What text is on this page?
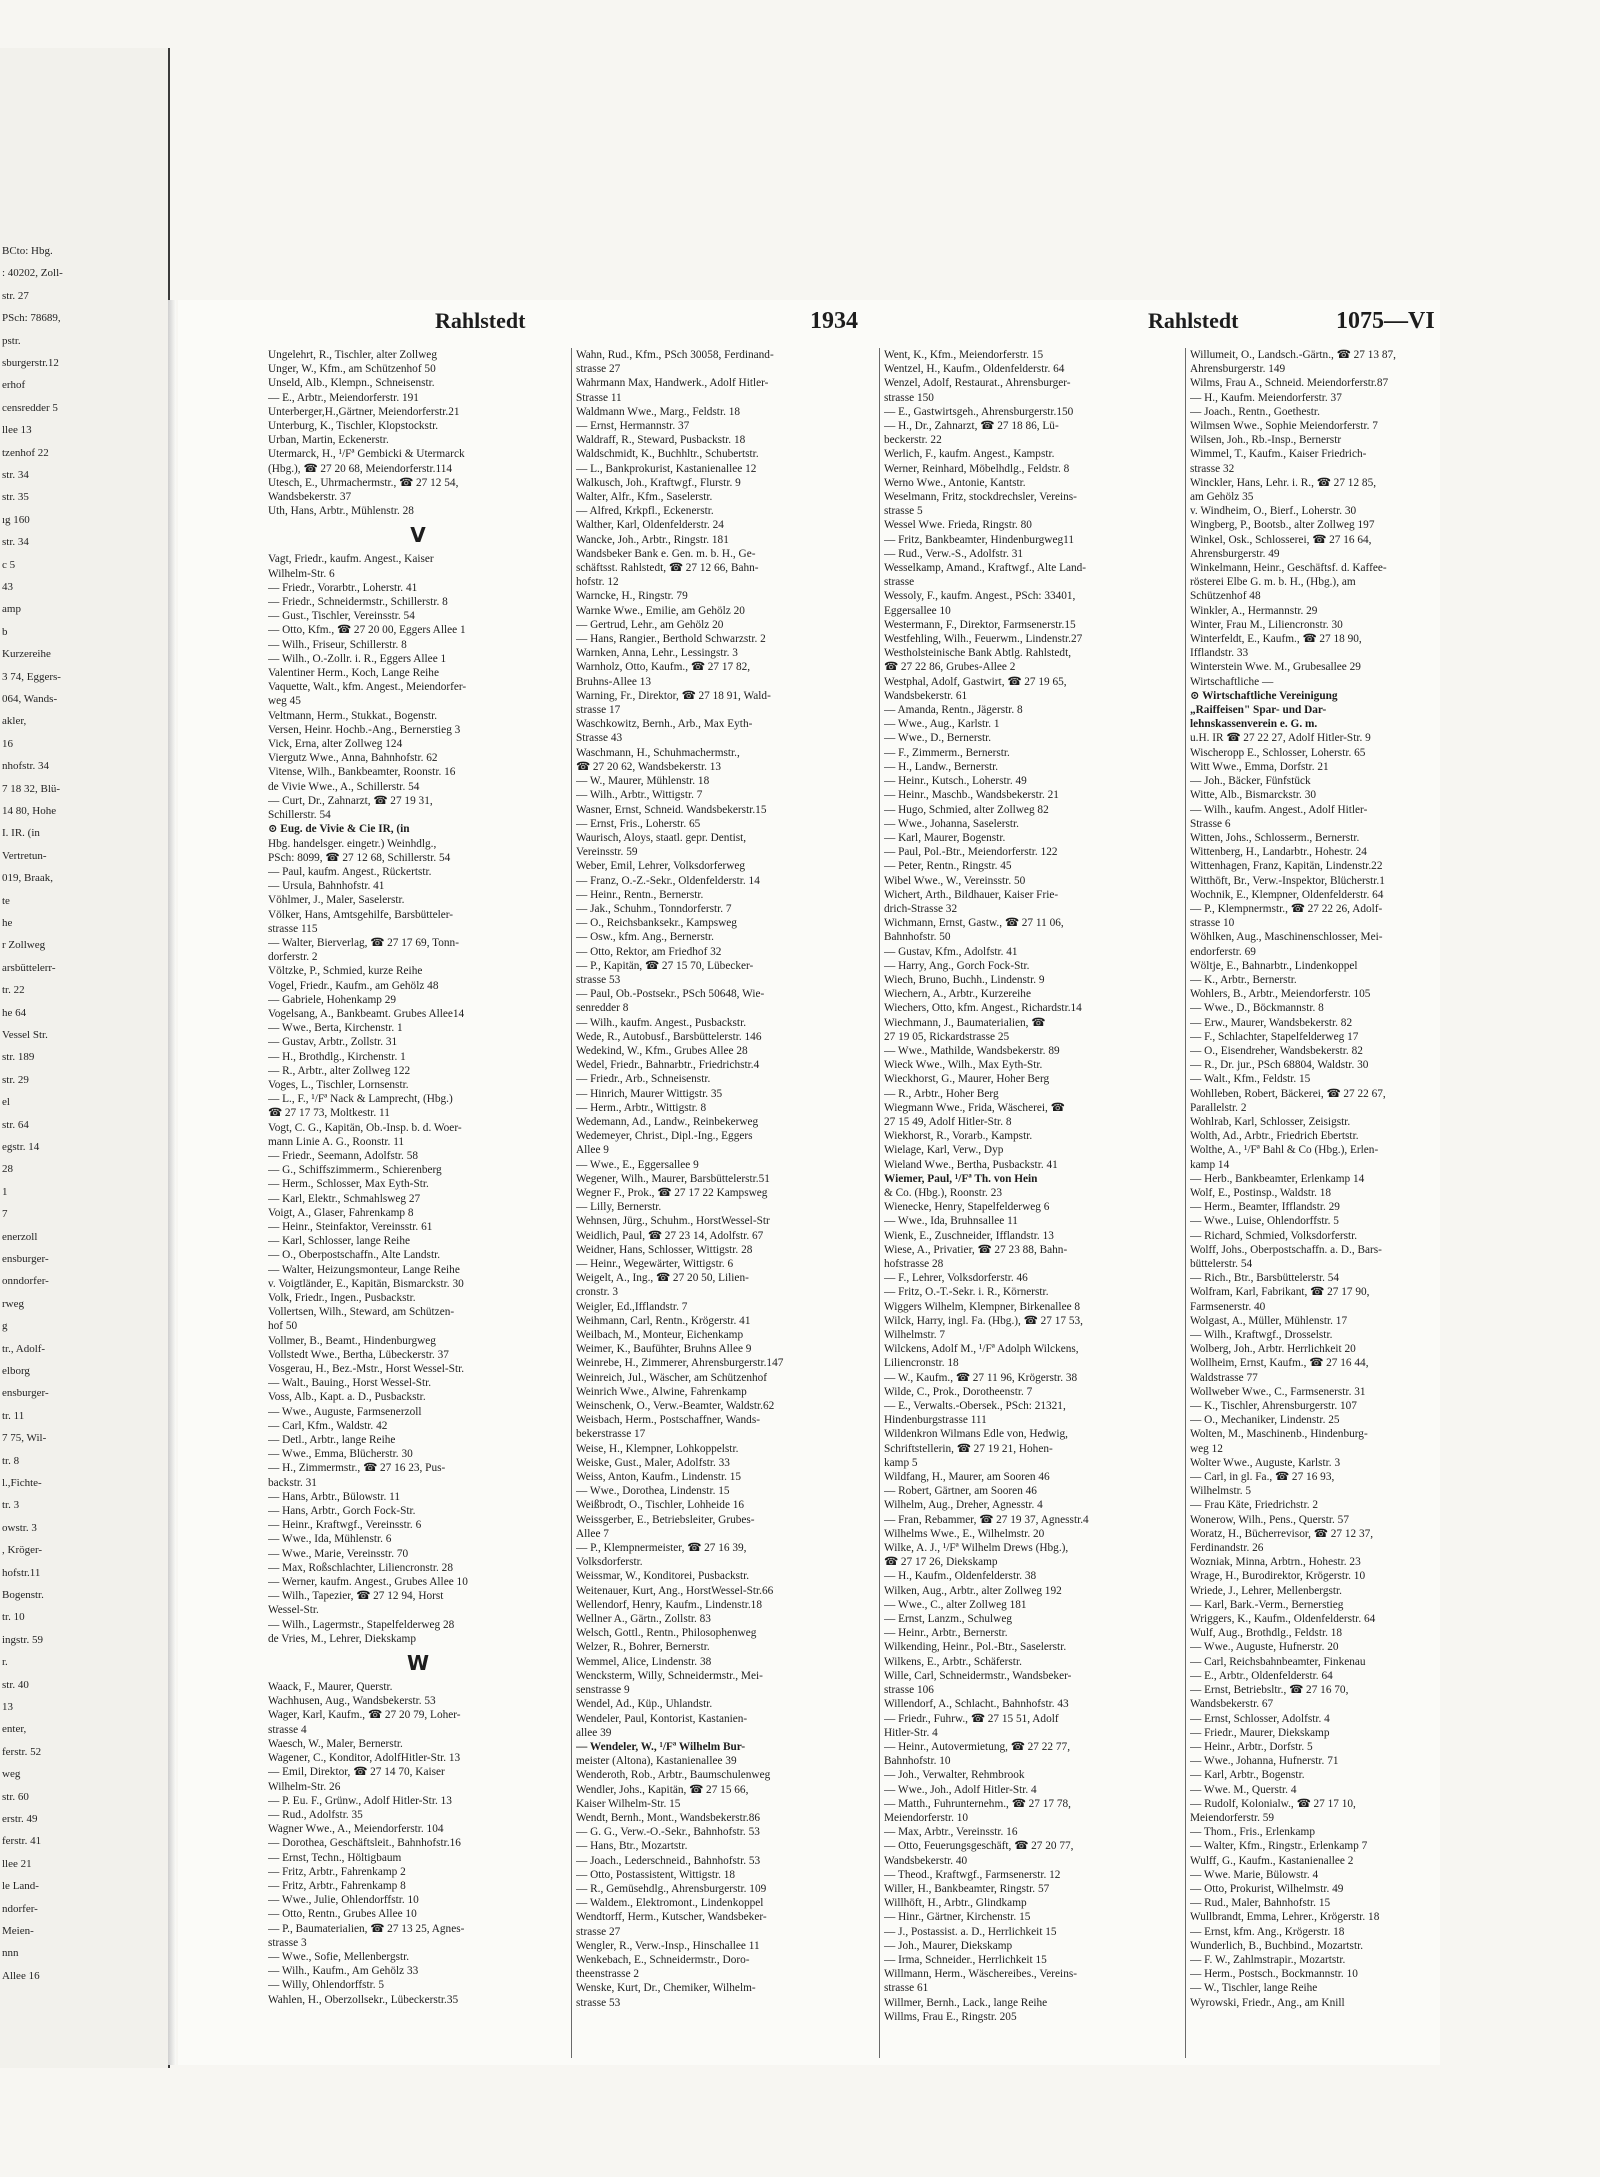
BCto: Hbg.
: 40202, Zoll-
str. 27
PSch: 78689,
pstr.
sburgerstr.12
erhof
censredder 5
llee 13
tzenhof 22
str. 34
str. 35
ıg 160
str. 34
c 5
43
amp
b
Kurzereihe
3 74, Eggers-
064, Wands-
akler,
16
nhofstr. 34
7 18 32, Blü-
14 80, Hohe
I. IR. (in
Vertretun-
019, Braak,
te
he
r Zollweg
arsbüttelerr-
tr. 22
he 64
Vessel Str.
str. 189
str. 29
el
str. 64
egstr. 14
28
1
7
enerzoll
ensburger-
onndorfer-
rweg
g
tr., Adolf-
elborg
ensburger-
tr. 11
7 75, Wil-
tr. 8
l.,Fichte-
tr. 3
owstr. 3
, Kröger-
hofstr.11
Bogenstr.
tr. 10
ingstr. 59
r.
str. 40
13
enter,
ferstr. 52
weg
str. 60
erstr. 49
ferstr. 41
llee 21
le Land-
ndorfer-
Meien-
nnn
Allee 16
Rahlstedt	1934	Rahlstedt	1075—VI
Ungelehrt, R., Tischler, alter Zollweg
Unger, W., Kfm., am Schützenhof 50
Unseld, Alb., Klempn., Schneisenstr.
— E., Arbtr., Meiendorferstr. 191
Unterberger,H.,Gärtner, Meiendorferstr.21
Unterburg, K., Tischler, Klopstockstr.
Urban, Martin, Eckenerstr.
Utermarck, H., ¹/Fª Gembicki & Utermarck
(Hbg.), ☎ 27 20 68, Meiendorferstr.114
Utesch, E., Uhrmachermstr., ☎ 27 12 54,
Wandsbekerstr. 37
Uth, Hans, Arbtr., Mühlenstr. 28
V
Vagt, Friedr., kaufm. Angest., Kaiser
Wilhelm-Str. 6
— Friedr., Vorarbtr., Loherstr. 41
— Friedr., Schneidermstr., Schillerstr. 8
— Gust., Tischler, Vereinsstr. 54
— Otto, Kfm., ☎ 27 20 00, Eggers Allee 1
— Wilh., Friseur, Schillerstr. 8
— Wilh., O.-Zollr. i. R., Eggers Allee 1
Valentiner Herm., Koch, Lange Reihe
Vaquette, Walt., kfm. Angest., Meiendorfer-
weg 45
Veltmann, Herm., Stukkat., Bogenstr.
Versen, Heinr. Hochb.-Ang., Bernerstieg 3
Vick, Erna, alter Zollweg 124
Viergutz Wwe., Anna, Bahnhofstr. 62
Vitense, Wilh., Bankbeamter, Roonstr. 16
de Vivie Wwe., A., Schillerstr. 54
— Curt, Dr., Zahnarzt, ☎ 27 19 31,
Schillerstr. 54
⊙ Eug. de Vivie & Cie IR, (in
Hbg. handelsger. eingetr.) Weinhdlg.,
PSch: 8099, ☎ 27 12 68, Schillerstr. 54
— Paul, kaufm. Angest., Rückertstr.
— Ursula, Bahnhofstr. 41
Vöhlmer, J., Maler, Saselerstr.
Völker, Hans, Amtsgehilfe, Barsbütteler-
strasse 115
— Walter, Bierverlag, ☎ 27 17 69, Tonn-
dorferstr. 2
Völtzke, P., Schmied, kurze Reihe
Vogel, Friedr., Kaufm., am Gehölz 48
— Gabriele, Hohenkamp 29
Vogelsang, A., Bankbeamt. Grubes Allee14
— Wwe., Berta, Kirchenstr. 1
— Gustav, Arbtr., Zollstr. 31
— H., Brothdlg., Kirchenstr. 1
— R., Arbtr., alter Zollweg 122
Voges, L., Tischler, Lornsenstr.
— L., F., ¹/Fª Nack & Lamprecht, (Hbg.)
☎ 27 17 73, Moltkestr. 11
Vogt, C. G., Kapitän, Ob.-Insp. b. d. Woer-
mann Linie A. G., Roonstr. 11
— Friedr., Seemann, Adolfstr. 58
— G., Schiffszimmerm., Schierenberg
— Herm., Schlosser, Max Eyth-Str.
— Karl, Elektr., Schmahlsweg 27
Voigt, A., Glaser, Fahrenkamp 8
— Heinr., Steinfaktor, Vereinsstr. 61
— Karl, Schlosser, lange Reihe
— O., Oberpostschaffn., Alte Landstr.
— Walter, Heizungsmonteur, Lange Reihe
v. Voigtländer, E., Kapitän, Bismarckstr. 30
Volk, Friedr., Ingen., Pusbackstr.
Vollertsen, Wilh., Steward, am Schützen-
hof 50
Vollmer, B., Beamt., Hindenburgweg
Vollstedt Wwe., Bertha, Lübeckerstr. 37
Vosgerau, H., Bez.-Mstr., Horst Wessel-Str.
— Walt., Bauing., Horst Wessel-Str.
Voss, Alb., Kapt. a. D., Pusbackstr.
— Wwe., Auguste, Farmsenerzoll
— Carl, Kfm., Waldstr. 42
— Detl., Arbtr., lange Reihe
— Wwe., Emma, Blücherstr. 30
— H., Zimmermstr., ☎ 27 16 23, Pus-
backstr. 31
— Hans, Arbtr., Bülowstr. 11
— Hans, Arbtr., Gorch Fock-Str.
— Heinr., Kraftwgf., Vereinsstr. 6
— Wwe., Ida, Mühlenstr. 6
— Wwe., Marie, Vereinsstr. 70
— Max, Roßschlachter, Liliencronstr. 28
— Werner, kaufm. Angest., Grubes Allee 10
— Wilh., Tapezier, ☎ 27 12 94, Horst
Wessel-Str.
— Wilh., Lagermstr., Stapelfelderweg 28
de Vries, M., Lehrer, Diekskamp
W
Waack, F., Maurer, Querstr.
Wachhusen, Aug., Wandsbekerstr. 53
Wager, Karl, Kaufm., ☎ 27 20 79, Loher-
strasse 4
Waesch, W., Maler, Bernerstr.
Wagener, C., Konditor, AdolfHitler-Str. 13
— Emil, Direktor, ☎ 27 14 70, Kaiser
Wilhelm-Str. 26
— P. Eu. F., Grünw., Adolf Hitler-Str. 13
— Rud., Adolfstr. 35
Wagner Wwe., A., Meiendorferstr. 104
— Dorothea, Geschäftsleit., Bahnhofstr.16
— Ernst, Techn., Höltigbaum
— Fritz, Arbtr., Fahrenkamp 2
— Fritz, Arbtr., Fahrenkamp 8
— Wwe., Julie, Ohlendorffstr. 10
— Otto, Rentn., Grubes Allee 10
— P., Baumaterialien, ☎ 27 13 25, Agnes-
strasse 3
— Wwe., Sofie, Mellenbergstr.
— Wilh., Kaufm., Am Gehölz 33
— Willy, Ohlendorffstr. 5
Wahlen, H., Oberzollsekr., Lübeckerstr.35
Wahn, Rud., Kfm., PSch 30058, Ferdinand-
strasse 27
Wahrmann Max, Handwerk., Adolf Hitler-
Strasse 11
Waldmann Wwe., Marg., Feldstr. 18
— Ernst, Hermannstr. 37
Waldraff, R., Steward, Pusbackstr. 18
Waldschmidt, K., Buchhltr., Schubertstr.
— L., Bankprokurist, Kastanienallee 12
Walkusch, Joh., Kraftwgf., Flurstr. 9
Walter, Alfr., Kfm., Saselerstr.
— Alfred, Krkpfl., Eckenerstr.
Walther, Karl, Oldenfelderstr. 24
Wancke, Joh., Arbtr., Ringstr. 181
Wandsbeker Bank e. Gen. m. b. H., Ge-
schäftsst. Rahlstedt, ☎ 27 12 66, Bahn-
hofstr. 12
Warncke, H., Ringstr. 79
Warnke Wwe., Emilie, am Gehölz 20
— Gertrud, Lehr., am Gehölz 20
— Hans, Rangier., Berthold Schwarzstr. 2
Warnken, Anna, Lehr., Lessingstr. 3
Warnholz, Otto, Kaufm., ☎ 27 17 82,
Bruhns-Allee 13
Warning, Fr., Direktor, ☎ 27 18 91, Wald-
strasse 17
Waschkowitz, Bernh., Arb., Max Eyth-
Strasse 43
Waschmann, H., Schuhmachermstr.,
☎ 27 20 62, Wandsbekerstr. 13
— W., Maurer, Mühlenstr. 18
— Wilh., Arbtr., Wittigstr. 7
Wasner, Ernst, Schneid. Wandsbekerstr.15
— Ernst, Fris., Loherstr. 65
Waurisch, Aloys, staatl. gepr. Dentist,
Vereinsstr. 59
Weber, Emil, Lehrer, Volksdorferweg
— Franz, O.-Z.-Sekr., Oldenfelderstr. 14
— Heinr., Rentn., Bernerstr.
— Jak., Schuhm., Tonndorferstr. 7
— O., Reichsbanksekr., Kampsweg
— Osw., kfm. Ang., Bernerstr.
— Otto, Rektor, am Friedhof 32
— P., Kapitän, ☎ 27 15 70, Lübecker-
strasse 53
— Paul, Ob.-Postsekr., PSch 50648, Wie-
senredder 8
— Wilh., kaufm. Angest., Pusbackstr.
Wede, R., Autobusf., Barsbüttelerstr. 146
Wedekind, W., Kfm., Grubes Allee 28
Wedel, Friedr., Bahnarbtr., Friedrichstr.4
— Friedr., Arb., Schneisenstr.
— Hinrich, Maurer Wittigstr. 35
— Herm., Arbtr., Wittigstr. 8
Wedemann, Ad., Landw., Reinbekerweg
Wedemeyer, Christ., Dipl.-Ing., Eggers
Allee 9
— Wwe., E., Eggersallee 9
Wegener, Wilh., Maurer, Barsbüttelerstr.51
Wegner F., Prok., ☎ 27 17 22 Kampsweg
— Lilly, Bernerstr.
Wehnsen, Jürg., Schuhm., HorstWessel-Str
Weidlich, Paul, ☎ 27 23 14, Adolfstr. 67
Weidner, Hans, Schlosser, Wittigstr. 28
— Heinr., Wegewärter, Wittigstr. 6
Weigelt, A., Ing., ☎ 27 20 50, Lilien-
cronstr. 3
Weigler, Ed.,Ifflandstr. 7
Weihmann, Carl, Rentn., Krögerstr. 41
Weilbach, M., Monteur, Eichenkamp
Weimer, K., Baufühter, Bruhns Allee 9
Weinrebe, H., Zimmerer, Ahrensburgerstr.147
Weinreich, Jul., Wäscher, am Schützenhof
Weinrich Wwe., Alwine, Fahrenkamp
Weinschenk, O., Verw.-Beamter, Waldstr.62
Weisbach, Herm., Postschaffner, Wands-
bekerstrasse 17
Weise, H., Klempner, Lohkoppelstr.
Weiske, Gust., Maler, Adolfstr. 33
Weiss, Anton, Kaufm., Lindenstr. 15
— Wwe., Dorothea, Lindenstr. 15
Weißbrodt, O., Tischler, Lohheide 16
Weissgerber, E., Betriebsleiter, Grubes-
Allee 7
— P., Klempnermeister, ☎ 27 16 39,
Volksdorferstr.
Weissmar, W., Konditorei, Pusbackstr.
Weitenauer, Kurt, Ang., HorstWessel-Str.66
Wellendorf, Henry, Kaufm., Lindenstr.18
Wellner A., Gärtn., Zollstr. 83
Welsch, Gottl., Rentn., Philosophenweg
Welzer, R., Bohrer, Bernerstr.
Wemmel, Alice, Lindenstr. 38
Wencksterm, Willy, Schneidermstr., Mei-
senstrasse 9
Wendel, Ad., Küp., Uhlandstr.
Wendeler, Paul, Kontorist, Kastanien-
allee 39
— Wendeler, W., ¹/Fª Wilhelm Bur-
meister (Altona), Kastanienallee 39
Wenderoth, Rob., Arbtr., Baumschulenweg
Wendler, Johs., Kapitän, ☎ 27 15 66,
Kaiser Wilhelm-Str. 15
Wendt, Bernh., Mont., Wandsbekerstr.86
— G. G., Verw.-O.-Sekr., Bahnhofstr. 53
— Hans, Btr., Mozartstr.
— Joach., Lederschneid., Bahnhofstr. 53
— Otto, Postassistent, Wittigstr. 18
— R., Gemüsehdlg., Ahrensburgerstr. 109
— Waldem., Elektromont., Lindenkoppel
Wendtorff, Herm., Kutscher, Wandsbeker-
strasse 27
Wengler, R., Verw.-Insp., Hinschallee 11
Wenkebach, E., Schneidermstr., Doro-
theenstrasse 2
Wenske, Kurt, Dr., Chemiker, Wilhelm-
strasse 53
Went, K., Kfm., Meiendorferstr. 15
Wentzel, H., Kaufm., Oldenfelderstr. 64
Wenzel, Adolf, Restaurat., Ahrensburger-
strasse 150
— E., Gastwirtsgeh., Ahrensburgerstr.150
— H., Dr., Zahnarzt, ☎ 27 18 86, Lü-
beckerstr. 22
Werlich, F., kaufm. Angest., Kampstr.
Werner, Reinhard, Möbelhdlg., Feldstr. 8
Werno Wwe., Antonie, Kantstr.
Weselmann, Fritz, stockdrechsler, Vereins-
strasse 5
Wessel Wwe. Frieda, Ringstr. 80
— Fritz, Bankbeamter, Hindenburgweg11
— Rud., Verw.-S., Adolfstr. 31
Wesselkamp, Amand., Kraftwgf., Alte Land-
strasse
Wessoly, F., kaufm. Angest., PSch: 33401,
Eggersallee 10
Westermann, F., Direktor, Farmsenerstr.15
Westfehling, Wilh., Feuerwm., Lindenstr.27
Westholsteinische Bank Abtlg. Rahlstedt,
☎ 27 22 86, Grubes-Allee 2
Westphal, Adolf, Gastwirt, ☎ 27 19 65,
Wandsbekerstr. 61
— Amanda, Rentn., Jägerstr. 8
— Wwe., Aug., Karlstr. 1
— Wwe., D., Bernerstr.
— F., Zimmerm., Bernerstr.
— H., Landw., Bernerstr.
— Heinr., Kutsch., Loherstr. 49
— Heinr., Maschb., Wandsbekerstr. 21
— Hugo, Schmied, alter Zollweg 82
— Wwe., Johanna, Saselerstr.
— Karl, Maurer, Bogenstr.
— Paul, Pol.-Btr., Meiendorferstr. 122
— Peter, Rentn., Ringstr. 45
Wibel Wwe., W., Vereinsstr. 50
Wichert, Arth., Bildhauer, Kaiser Frie-
drich-Strasse 32
Wichmann, Ernst, Gastw., ☎ 27 11 06,
Bahnhofstr. 50
— Gustav, Kfm., Adolfstr. 41
— Harry, Ang., Gorch Fock-Str.
Wiech, Bruno, Buchh., Lindenstr. 9
Wiechern, A., Arbtr., Kurzereihe
Wiechers, Otto, kfm. Angest., Richardstr.14
Wiechmann, J., Baumaterialien, ☎
27 19 05, Rickardstrasse 25
— Wwe., Mathilde, Wandsbekerstr. 89
Wieck Wwe., Wilh., Max Eyth-Str.
Wieckhorst, G., Maurer, Hoher Berg
— R., Arbtr., Hoher Berg
Wiegmann Wwe., Frida, Wäscherei, ☎
27 15 49, Adolf Hitler-Str. 8
Wiekhorst, R., Vorarb., Kampstr.
Wielage, Karl, Verw., Dyp
Wieland Wwe., Bertha, Pusbackstr. 41
Wiemer, Paul, ¹/Fª Th. von Hein
& Co. (Hbg.), Roonstr. 23
Wienecke, Henry, Stapelfelderweg 6
— Wwe., Ida, Bruhnsallee 11
Wienk, E., Zuschneider, Ifflandstr. 13
Wiese, A., Privatier, ☎ 27 23 88, Bahn-
hofstrasse 28
— F., Lehrer, Volksdorferstr. 46
— Fritz, O.-T.-Sekr. i. R., Körnerstr.
Wiggers Wilhelm, Klempner, Birkenallee 8
Wilck, Harry, ingl. Fa. (Hbg.), ☎ 27 17 53,
Wilhelmstr. 7
Wilckens, Adolf M., ¹/Fª Adolph Wilckens,
Liliencronstr. 18
— W., Kaufm., ☎ 27 11 96, Krögerstr. 38
Wilde, C., Prok., Dorotheenstr. 7
— E., Verwalts.-Obersek., PSch: 21321,
Hindenburgstrasse 111
Wildenkron Wilmans Edle von, Hedwig,
Schriftstellerin, ☎ 27 19 21, Hohen-
kamp 5
Wildfang, H., Maurer, am Sooren 46
— Robert, Gärtner, am Sooren 46
Wilhelm, Aug., Dreher, Agnesstr. 4
— Fran, Rebammer, ☎ 27 19 37, Agnesstr.4
Wilhelms Wwe., E., Wilhelmstr. 20
Wilke, A. J., ¹/Fª Wilhelm Drews (Hbg.),
☎ 27 17 26, Diekskamp
— H., Kaufm., Oldenfelderstr. 38
Wilken, Aug., Arbtr., alter Zollweg 192
— Wwe., C., alter Zollweg 181
— Ernst, Lanzm., Schulweg
— Heinr., Arbtr., Bernerstr.
Wilkending, Heinr., Pol.-Btr., Saselerstr.
Wilkens, E., Arbtr., Schäferstr.
Wille, Carl, Schneidermstr., Wandsbeker-
strasse 106
Willendorf, A., Schlacht., Bahnhofstr. 43
— Friedr., Fuhrw., ☎ 27 15 51, Adolf
Hitler-Str. 4
— Heinr., Autovermietung, ☎ 27 22 77,
Bahnhofstr. 10
— Joh., Verwalter, Rehmbrook
— Wwe., Joh., Adolf Hitler-Str. 4
— Matth., Fuhrunternehm., ☎ 27 17 78,
Meiendorferstr. 10
— Max, Arbtr., Vereinsstr. 16
— Otto, Feuerungsgeschäft, ☎ 27 20 77,
Wandsbekerstr. 40
— Theod., Kraftwgf., Farmsenerstr. 12
Willer, H., Bankbeamter, Ringstr. 57
Willhöft, H., Arbtr., Glindkamp
— Hinr., Gärtner, Kirchenstr. 15
— J., Postassist. a. D., Herrlichkeit 15
— Joh., Maurer, Diekskamp
— Irma, Schneider., Herrlichkeit 15
Willmann, Herm., Wäschereibes., Vereins-
strasse 61
Willmer, Bernh., Lack., lange Reihe
Willms, Frau E., Ringstr. 205
Willumeit, O., Landsch.-Gärtn., ☎ 27 13 87,
Ahrensburgerstr. 149
Wilms, Frau A., Schneid. Meiendorferstr.87
— H., Kaufm. Meiendorferstr. 37
— Joach., Rentn., Goethestr.
Wilmsen Wwe., Sophie Meiendorferstr. 7
Wilsen, Joh., Rb.-Insp., Bernerstr
Wimmel, T., Kaufm., Kaiser Friedrich-
strasse 32
Winckler, Hans, Lehr. i. R., ☎ 27 12 85,
am Gehölz 35
v. Windheim, O., Bierf., Loherstr. 30
Wingberg, P., Bootsb., alter Zollweg 197
Winkel, Osk., Schlosserei, ☎ 27 16 64,
Ahrensburgerstr. 49
Winkelmann, Heinr., Geschäftsf. d. Kaffee-
rösterei Elbe G. m. b. H., (Hbg.), am
Schützenhof 48
Winkler, A., Hermannstr. 29
Winter, Frau M., Liliencronstr. 30
Winterfeldt, E., Kaufm., ☎ 27 18 90,
Ifflandstr. 33
Winterstein Wwe. M., Grubesallee 29
Wirtschaftliche —
⊙ Wirtschaftliche Vereinigung
„Raiffeisen" Spar- und Dar-
lehnskassenverein e. G. m.
u.H. IR ☎ 27 22 27, Adolf Hitler-Str. 9
Wischeropp E., Schlosser, Loherstr. 65
Witt Wwe., Emma, Dorfstr. 21
— Joh., Bäcker, Fünfstück
Witte, Alb., Bismarckstr. 30
— Wilh., kaufm. Angest., Adolf Hitler-
Strasse 6
Witten, Johs., Schlosserm., Bernerstr.
Wittenberg, H., Landarbtr., Hohestr. 24
Wittenhagen, Franz, Kapitän, Lindenstr.22
Witthöft, Br., Verw.-Inspektor, Blücherstr.1
Wochnik, E., Klempner, Oldenfelderstr. 64
— P., Klempnermstr., ☎ 27 22 26, Adolf-
strasse 10
Wöhlken, Aug., Maschinenschlosser, Mei-
endorferstr. 69
Wöltje, E., Bahnarbtr., Lindenkoppel
— K., Arbtr., Bernerstr.
Wohlers, B., Arbtr., Meiendorferstr. 105
— Wwe., D., Böckmannstr. 8
— Erw., Maurer, Wandsbekerstr. 82
— F., Schlachter, Stapelfelderweg 17
— O., Eisendreher, Wandsbekerstr. 82
— R., Dr. jur., PSch 68804, Waldstr. 30
— Walt., Kfm., Feldstr. 15
Wohlleben, Robert, Bäckerei, ☎ 27 22 67,
Parallelstr. 2
Wohlrab, Karl, Schlosser, Zeisigstr.
Wolth, Ad., Arbtr., Friedrich Ebertstr.
Wolthe, A., ¹/Fª Bahl & Co (Hbg.), Erlen-
kamp 14
— Herb., Bankbeamter, Erlenkamp 14
Wolf, E., Postinsp., Waldstr. 18
— Herm., Beamter, Ifflandstr. 29
— Wwe., Luise, Ohlendorffstr. 5
— Richard, Schmied, Volksdorferstr.
Wolff, Johs., Oberpostschaffn. a. D., Bars-
büttelerstr. 54
— Rich., Btr., Barsbüttelerstr. 54
Wolfram, Karl, Fabrikant, ☎ 27 17 90,
Farmsenerstr. 40
Wolgast, A., Müller, Mühlenstr. 17
— Wilh., Kraftwgf., Drosselstr.
Wolberg, Joh., Arbtr. Herrlichkeit 20
Wollheim, Ernst, Kaufm., ☎ 27 16 44,
Waldstrasse 77
Wollweber Wwe., C., Farmsenerstr. 31
— K., Tischler, Ahrensburgerstr. 107
— O., Mechaniker, Lindenstr. 25
Wolten, M., Maschinenb., Hindenburg-
weg 12
Wolter Wwe., Auguste, Karlstr. 3
— Carl, in gl. Fa., ☎ 27 16 93,
Wilhelmstr. 5
— Frau Käte, Friedrichstr. 2
Wonerow, Wilh., Pens., Querstr. 57
Woratz, H., Bücherrevisor, ☎ 27 12 37,
Ferdinandstr. 26
Wozniak, Minna, Arbtrn., Hohestr. 23
Wrage, H., Burodirektor, Krögerstr. 10
Wriede, J., Lehrer, Mellenbergstr.
— Karl, Bark.-Verm., Bernerstieg
Wriggers, K., Kaufm., Oldenfelderstr. 64
Wulf, Aug., Brothdlg., Feldstr. 18
— Wwe., Auguste, Hufnerstr. 20
— Carl, Reichsbahnbeamter, Finkenau
— E., Arbtr., Oldenfelderstr. 64
— Ernst, Betriebsltr., ☎ 27 16 70,
Wandsbekerstr. 67
— Ernst, Schlosser, Adolfstr. 4
— Friedr., Maurer, Diekskamp
— Heinr., Arbtr., Dorfstr. 5
— Wwe., Johanna, Hufnerstr. 71
— Karl, Arbtr., Bogenstr.
— Wwe. M., Querstr. 4
— Rudolf, Kolonialw., ☎ 27 17 10,
Meiendorferstr. 59
— Thom., Fris., Erlenkamp
— Walter, Kfm., Ringstr., Erlenkamp 7
Wulff, G., Kaufm., Kastanienallee 2
— Wwe. Marie, Bülowstr. 4
— Otto, Prokurist, Wilhelmstr. 49
— Rud., Maler, Bahnhofstr. 15
Wullbrandt, Emma, Lehrer., Krögerstr. 18
— Ernst, kfm. Ang., Krögerstr. 18
Wunderlich, B., Buchbind., Mozartstr.
— F. W., Zahlmstrapir., Mozartstr.
— Herm., Postsch., Bockmannstr. 10
— W., Tischler, lange Reihe
Wyrowski, Friedr., Ang., am Knill
